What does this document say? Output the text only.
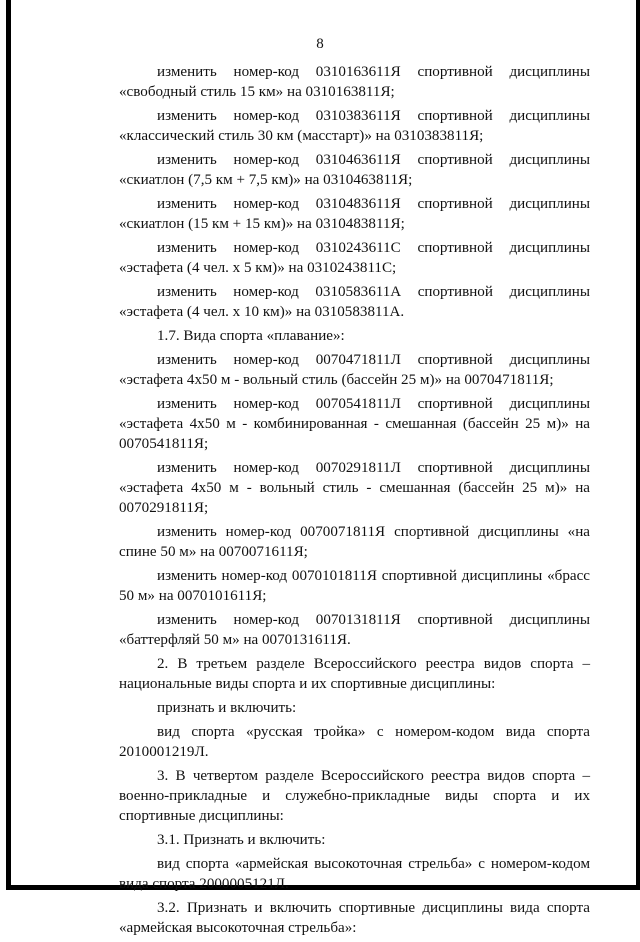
8

изменить номер-код 0310163611Я спортивной дисциплины «свободный стиль 15 км» на 0310163811Я;

изменить номер-код 0310383611Я спортивной дисциплины «классический стиль 30 км (масстарт)» на 0310383811Я;

изменить номер-код 0310463611Я спортивной дисциплины «скиатлон (7,5 км + 7,5 км)» на 0310463811Я;

изменить номер-код 0310483611Я спортивной дисциплины «скиатлон (15 км + 15 км)» на 0310483811Я;

изменить номер-код 0310243611С спортивной дисциплины «эстафета (4 чел. х 5 км)» на 0310243811С;

изменить номер-код 0310583611А спортивной дисциплины «эстафета (4 чел. х 10 км)» на 0310583811А.

1.7. Вида спорта «плавание»:

изменить номер-код 0070471811Л спортивной дисциплины «эстафета 4х50 м - вольный стиль (бассейн 25 м)» на 0070471811Я;

изменить номер-код 0070541811Л спортивной дисциплины «эстафета 4х50 м - комбинированная - смешанная (бассейн 25 м)» на 0070541811Я;

изменить номер-код 0070291811Л спортивной дисциплины «эстафета 4х50 м - вольный стиль - смешанная (бассейн 25 м)» на 0070291811Я;

изменить номер-код 0070071811Я спортивной дисциплины «на спине 50 м» на 0070071611Я;

изменить номер-код 0070101811Я спортивной дисциплины «брасс 50 м» на 0070101611Я;

изменить номер-код 0070131811Я спортивной дисциплины «баттерфляй 50 м» на 0070131611Я.

2. В третьем разделе Всероссийского реестра видов спорта – национальные виды спорта и их спортивные дисциплины:

признать и включить:

вид спорта «русская тройка» с номером-кодом вида спорта 2010001219Л.

3. В четвертом разделе Всероссийского реестра видов спорта – военно-прикладные и служебно-прикладные виды спорта и их спортивные дисциплины:

3.1. Признать и включить:

вид спорта «армейская высокоточная стрельба» с номером-кодом вида спорта 2000005121Л.

3.2. Признать и включить спортивные дисциплины вида спорта «армейская высокоточная стрельба»:
